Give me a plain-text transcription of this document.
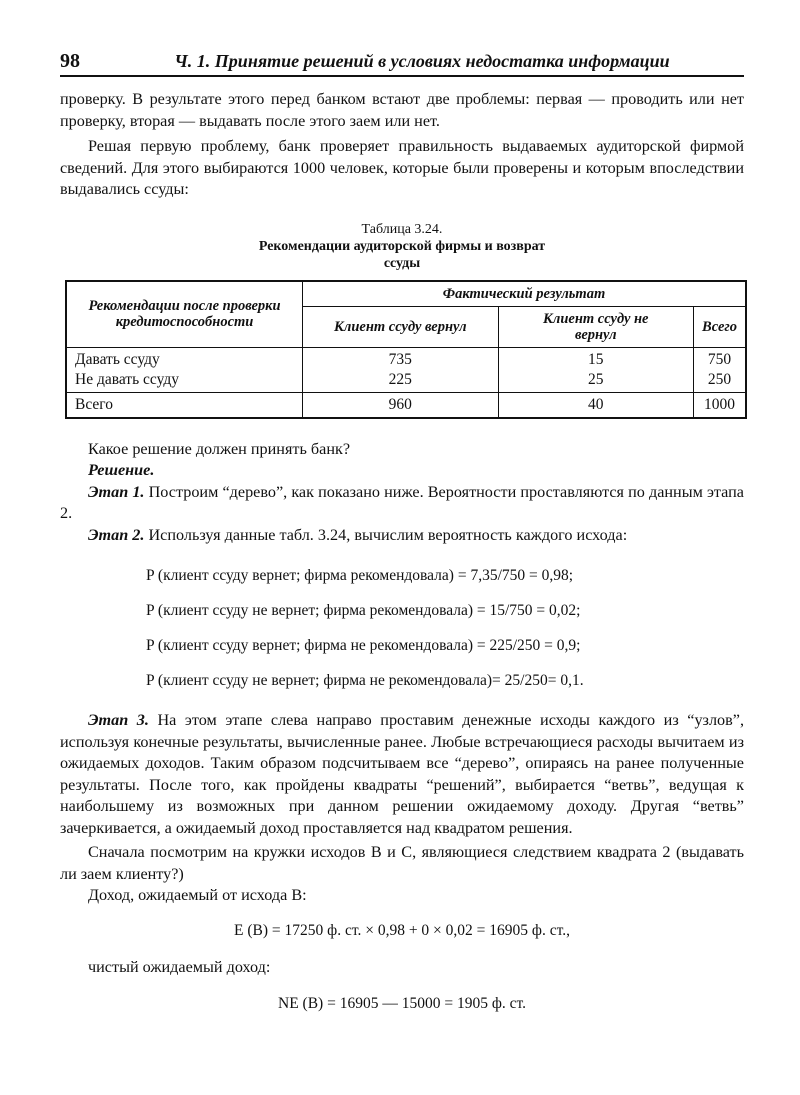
98	Ч. 1. Принятие решений в условиях недостатка информации

проверку. В результате этого перед банком встают две проблемы: первая — проводить или нет проверку, вторая — выдавать после этого заем или нет.

Решая первую проблему, банк проверяет правильность выдаваемых аудиторской фирмой сведений. Для этого выбираются 1000 человек, которые были проверены и которым впоследствии выдавались ссуды:

Таблица 3.24.
Рекомендации аудиторской фирмы и возврат ссуды
Рекомендации после проверки кредитоспособности	Фактический результат		
	Клиент ссуду вернул	Клиент ссуду не вернул	Всего
Давать ссуду	735	15	750
Не давать ссуду	225	25	250
Всего	960	40	1000

Какое решение должен принять банк?

Решение.

Этап 1. Построим “дерево”, как показано ниже. Вероятности проставляются по данным этапа 2.

Этап 2. Используя данные табл. 3.24, вычислим вероятность каждого исхода:

P (клиент ссуду вернет; фирма рекомендовала) = 7,35/750 = 0,98;
P (клиент ссуду не вернет; фирма рекомендовала) = 15/750 = 0,02;
P (клиент ссуду вернет; фирма не рекомендовала) = 225/250 = 0,9;
P (клиент ссуду не вернет; фирма не рекомендовала)= 25/250= 0,1.

Этап 3. На этом этапе слева направо проставим денежные исходы каждого из “узлов”, используя конечные результаты, вычисленные ранее. Любые встречающиеся расходы вычитаем из ожидаемых доходов. Таким образом подсчитываем все “дерево”, опираясь на ранее полученные результаты. После того, как пройдены квадраты “решений”, выбирается “ветвь”, ведущая к наибольшему из возможных при данном решении ожидаемому доходу. Другая “ветвь” зачеркивается, а ожидаемый доход проставляется над квадратом решения.

Сначала посмотрим на кружки исходов B и C, являющиеся следствием квадрата 2 (выдавать ли заем клиенту?)

Доход, ожидаемый от исхода B:

E (B) = 17250 ф. ст. × 0,98 + 0 × 0,02 = 16905 ф. ст.,

чистый ожидаемый доход:

NE (B) = 16905 — 15000 = 1905 ф. ст.
